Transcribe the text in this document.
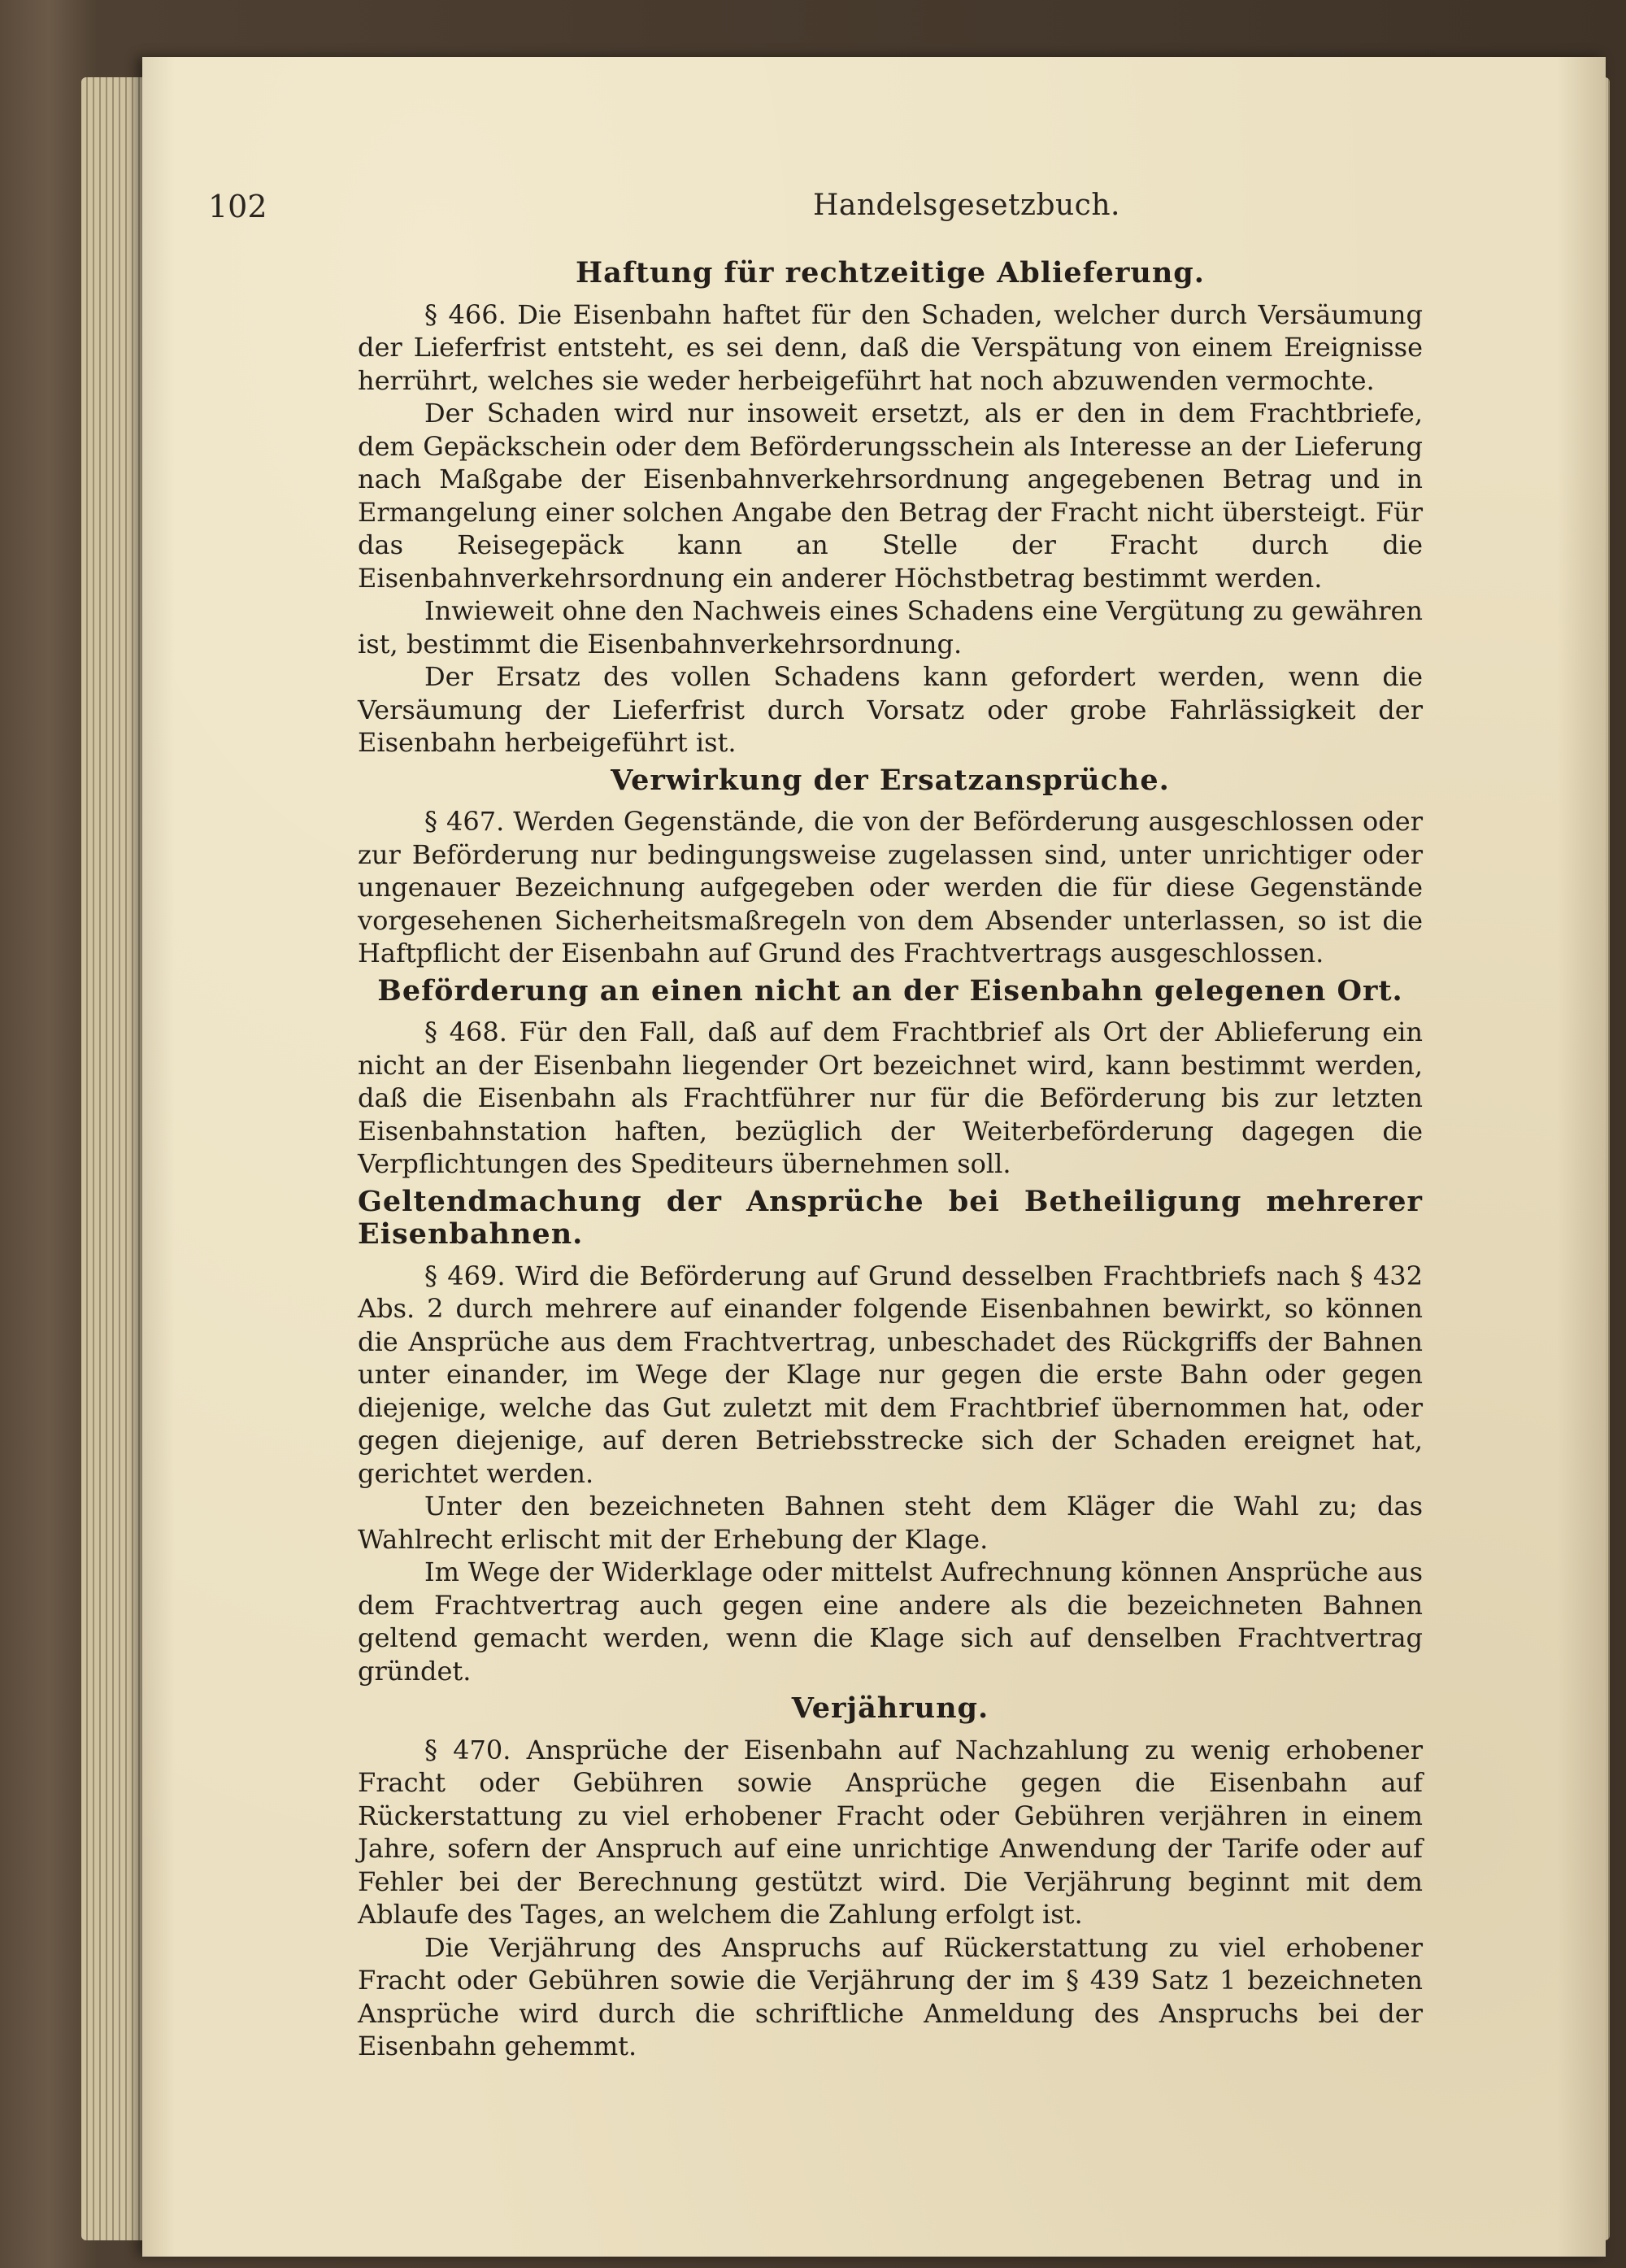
102	Handelsgesetzbuch.
Haftung für rechtzeitige Ablieferung.

§ 466. Die Eisenbahn haftet für den Schaden, welcher durch Versäumung der Lieferfrist entsteht, es sei denn, daß die Verspätung von einem Ereignisse herrührt, welches sie weder herbeigeführt hat noch abzuwenden vermochte.

Der Schaden wird nur insoweit ersetzt, als er den in dem Frachtbriefe, dem Gepäckschein oder dem Beförderungsschein als Interesse an der Lieferung nach Maßgabe der Eisenbahnverkehrsordnung angegebenen Betrag und in Ermangelung einer solchen Angabe den Betrag der Fracht nicht übersteigt. Für das Reisegepäck kann an Stelle der Fracht durch die Eisenbahnverkehrsordnung ein anderer Höchstbetrag bestimmt werden.

Inwieweit ohne den Nachweis eines Schadens eine Vergütung zu gewähren ist, bestimmt die Eisenbahnverkehrsordnung.

Der Ersatz des vollen Schadens kann gefordert werden, wenn die Versäumung der Lieferfrist durch Vorsatz oder grobe Fahrlässigkeit der Eisenbahn herbeigeführt ist.

Verwirkung der Ersatzansprüche.

§ 467. Werden Gegenstände, die von der Beförderung ausgeschlossen oder zur Beförderung nur bedingungsweise zugelassen sind, unter unrichtiger oder ungenauer Bezeichnung aufgegeben oder werden die für diese Gegenstände vorgesehenen Sicherheitsmaßregeln von dem Absender unterlassen, so ist die Haftpflicht der Eisenbahn auf Grund des Frachtvertrags ausgeschlossen.

Beförderung an einen nicht an der Eisenbahn gelegenen Ort.

§ 468. Für den Fall, daß auf dem Frachtbrief als Ort der Ablieferung ein nicht an der Eisenbahn liegender Ort bezeichnet wird, kann bestimmt werden, daß die Eisenbahn als Frachtführer nur für die Beförderung bis zur letzten Eisenbahnstation haften, bezüglich der Weiterbeförderung dagegen die Verpflichtungen des Spediteurs übernehmen soll.

Geltendmachung der Ansprüche bei Betheiligung mehrerer Eisenbahnen.

§ 469. Wird die Beförderung auf Grund desselben Frachtbriefs nach § 432 Abs. 2 durch mehrere auf einander folgende Eisenbahnen bewirkt, so können die Ansprüche aus dem Frachtvertrag, unbeschadet des Rückgriffs der Bahnen unter einander, im Wege der Klage nur gegen die erste Bahn oder gegen diejenige, welche das Gut zuletzt mit dem Frachtbrief übernommen hat, oder gegen diejenige, auf deren Betriebsstrecke sich der Schaden ereignet hat, gerichtet werden.

Unter den bezeichneten Bahnen steht dem Kläger die Wahl zu; das Wahlrecht erlischt mit der Erhebung der Klage.

Im Wege der Widerklage oder mittelst Aufrechnung können Ansprüche aus dem Frachtvertrag auch gegen eine andere als die bezeichneten Bahnen geltend gemacht werden, wenn die Klage sich auf denselben Frachtvertrag gründet.

Verjährung.

§ 470. Ansprüche der Eisenbahn auf Nachzahlung zu wenig erhobener Fracht oder Gebühren sowie Ansprüche gegen die Eisenbahn auf Rückerstattung zu viel erhobener Fracht oder Gebühren verjähren in einem Jahre, sofern der Anspruch auf eine unrichtige Anwendung der Tarife oder auf Fehler bei der Berechnung gestützt wird. Die Verjährung beginnt mit dem Ablaufe des Tages, an welchem die Zahlung erfolgt ist.

Die Verjährung des Anspruchs auf Rückerstattung zu viel erhobener Fracht oder Gebühren sowie die Verjährung der im § 439 Satz 1 bezeichneten Ansprüche wird durch die schriftliche Anmeldung des Anspruchs bei der Eisenbahn gehemmt.
